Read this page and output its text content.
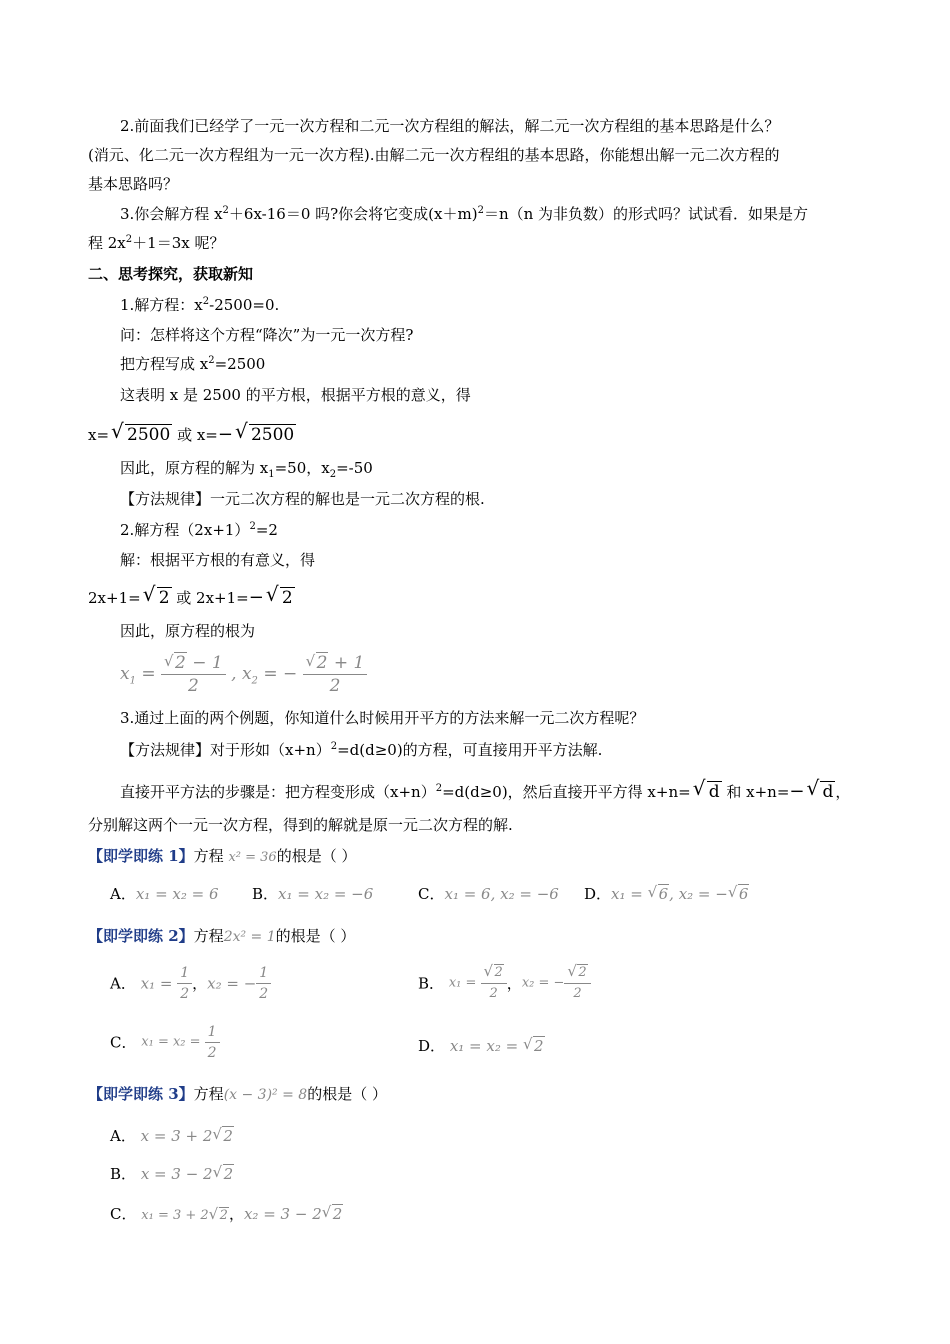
2.前面我们已经学了一元一次方程和二元一次方程组的解法，解二元一次方程组的基本思路是什么？
(消元、化二元一次方程组为一元一次方程).由解二元一次方程组的基本思路，你能想出解一元二次方程的
基本思路吗？
3.你会解方程 $x^2+6x-16=0$ 吗?你会将它变成$(x+m)^2=n(n$ 为非负数）的形式吗？试试看．如果是方
程 $2x^2+1=3x$ 呢？
二、思考探究，获取新知
1.解方程：$x^2-2500=0$.
问：怎样将这个方程“降次”为一元一次方程?
把方程写成 $x^2=2500$
这表明 x 是 2500 的平方根，根据平方根的意义，得
x= √ 2500 或 x=− √ 2500
因此，原方程的解为 $x_1=50$，$x_2=-50$
【方法规律】一元二次方程的解也是一元二次方程的根.
2.解方程$(2x+1)^2=2$
解：根据平方根的有意义，得
2x+1= √ 2 或 2x+1=− √ 2
因此，原方程的根为
$x_1 = \frac{√ 2 - 1}{2}$ , $x_2$ = − $\frac{√ 2 + 1}{2}$
3.通过上面的两个例题，你知道什么时候用开平方的方法来解一元二次方程呢？
【方法规律】对于形如$(x+n)^2=d(d\ge 0)$的方程，可直接用开平方法解.
直接开平方法的步骤是：把方程变形成$(x+n)^2=d(d\ge 0)$，然后直接开平方得 x+n= √ d 和 x+n=− √ d ，
分别解这两个一元一次方程，得到的解就是原一元二次方程的解.
【即学即练 1】方程 x² = 36的根是（ ）
A．x₁ = x₂ = 6 B．x₁ = x₂ = −6	C．x₁ = 6, x₂ = −6 D．x₁ = √ 6, x₂ = − √ 6
【即学即练 2】方程2x² = 1的根是（ ）
A． $x_1 = \frac{1}{2}$ ，x₂ = − $\frac{1}{2}$	B． $x_1 = \frac{√ 2}{2}$ ，x₂ = − $\frac{√ 2}{2}$
C． $x_1 = x_2 = \frac{1}{2}$	D． x₁ = x₂ = √ 2
【即学即练 3】方程(x − 3)² = 8的根是（ ）
A． x = 3 + 2 √ 2
B． x = 3 − 2 √ 2
C． x₁ = 3 + 2 √ 2，x₂ = 3 − 2 √ 2
